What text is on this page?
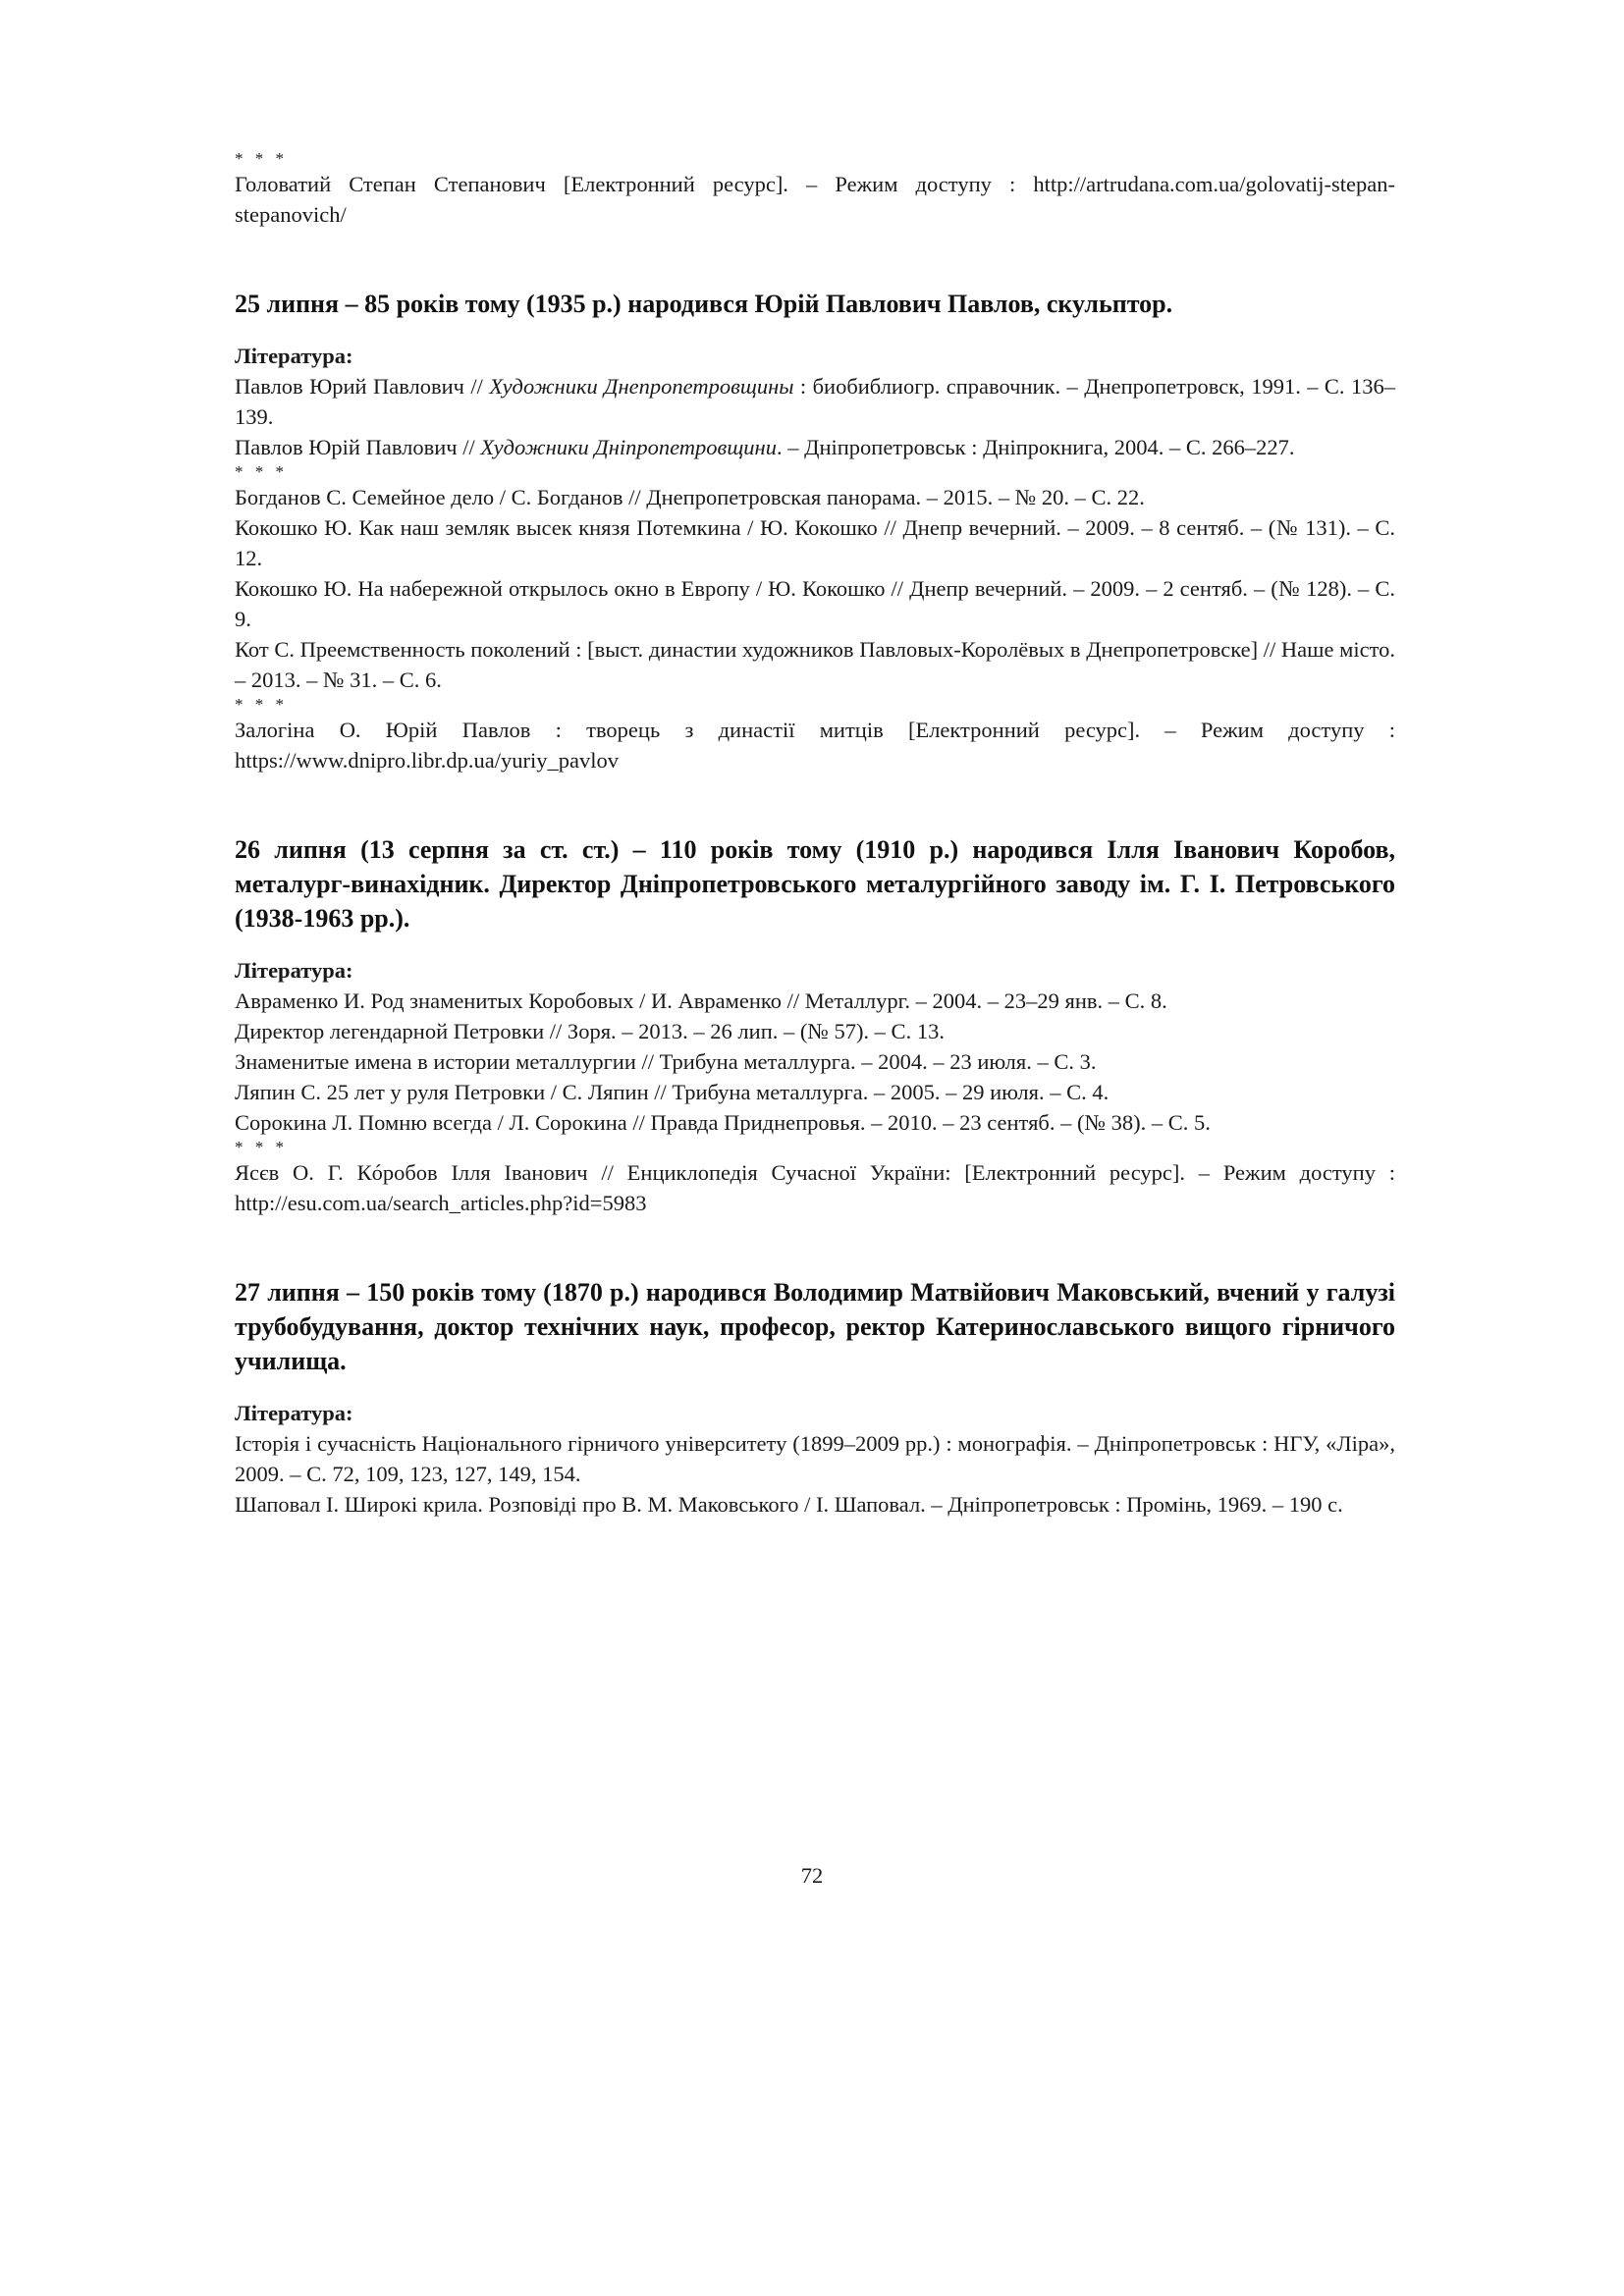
* * *

Головатий Степан Степанович [Електронний ресурс]. – Режим доступу : http://artrudana.com.ua/golovatij-stepan-stepanovich/

25 липня – 85 років тому (1935 р.) народився Юрій Павлович Павлов, скульптор.

Література:

Павлов Юрий Павлович // Художники Днепропетровщины : биобиблиогр. справочник. – Днепропетровск, 1991. – С. 136–139.

Павлов Юрій Павлович // Художники Дніпропетровщини. – Дніпропетровськ : Дніпрокнига, 2004. – С. 266–227.

* * *

Богданов С. Семейное дело / С. Богданов // Днепропетровская панорама. – 2015. – № 20. – С. 22.

Кокошко Ю. Как наш земляк высек князя Потемкина / Ю. Кокошко // Днепр вечерний. – 2009. – 8 сентяб. – (№ 131). – С. 12.

Кокошко Ю. На набережной открылось окно в Европу / Ю. Кокошко // Днепр вечерний. – 2009. – 2 сентяб. – (№ 128). – С. 9.

Кот С. Преемственность поколений : [выст. династии художников Павловых-Королёвых в Днепропетровске] // Наше місто. – 2013. – № 31. – С. 6.

* * *

Залогіна О. Юрій Павлов : творець з династії митців [Електронний ресурс]. – Режим доступу : https://www.dnipro.libr.dp.ua/yuriy_pavlov

26 липня (13 серпня за ст. ст.) – 110 років тому (1910 р.) народився Ілля Іванович Коробов, металург-винахідник. Директор Дніпропетровського металургійного заводу ім. Г. І. Петровського (1938-1963 рр.).

Література:

Авраменко И. Род знаменитых Коробовых / И. Авраменко // Металлург. – 2004. – 23–29 янв. – С. 8.

Директор легендарной Петровки // Зоря. – 2013. – 26 лип. – (№ 57). – С. 13.

Знаменитые имена в истории металлургии // Трибуна металлурга. – 2004. – 23 июля. – С. 3.

Ляпин С. 25 лет у руля Петровки / С. Ляпин // Трибуна металлурга. – 2005. – 29 июля. – С. 4.

Сорокина Л. Помню всегда / Л. Сорокина // Правда Приднепровья. – 2010. – 23 сентяб. – (№ 38). – С. 5.

* * *

Ясєв О. Г. Кóробов Ілля Іванович // Енциклопедія Сучасної України: [Електронний ресурс]. – Режим доступу : http://esu.com.ua/search_articles.php?id=5983

27 липня – 150 років тому (1870 р.) народився Володимир Матвійович Маковський, вчений у галузі трубобудування, доктор технічних наук, професор, ректор Катеринославського вищого гірничого училища.

Література:

Історія і сучасність Національного гірничого університету (1899–2009 рр.) : монографія. – Дніпропетровськ : НГУ, «Ліра», 2009. – С. 72, 109, 123, 127, 149, 154.

Шаповал І. Широкі крила. Розповіді про В. М. Маковського / І. Шаповал. – Дніпропетровськ : Промінь, 1969. – 190 с.

72
